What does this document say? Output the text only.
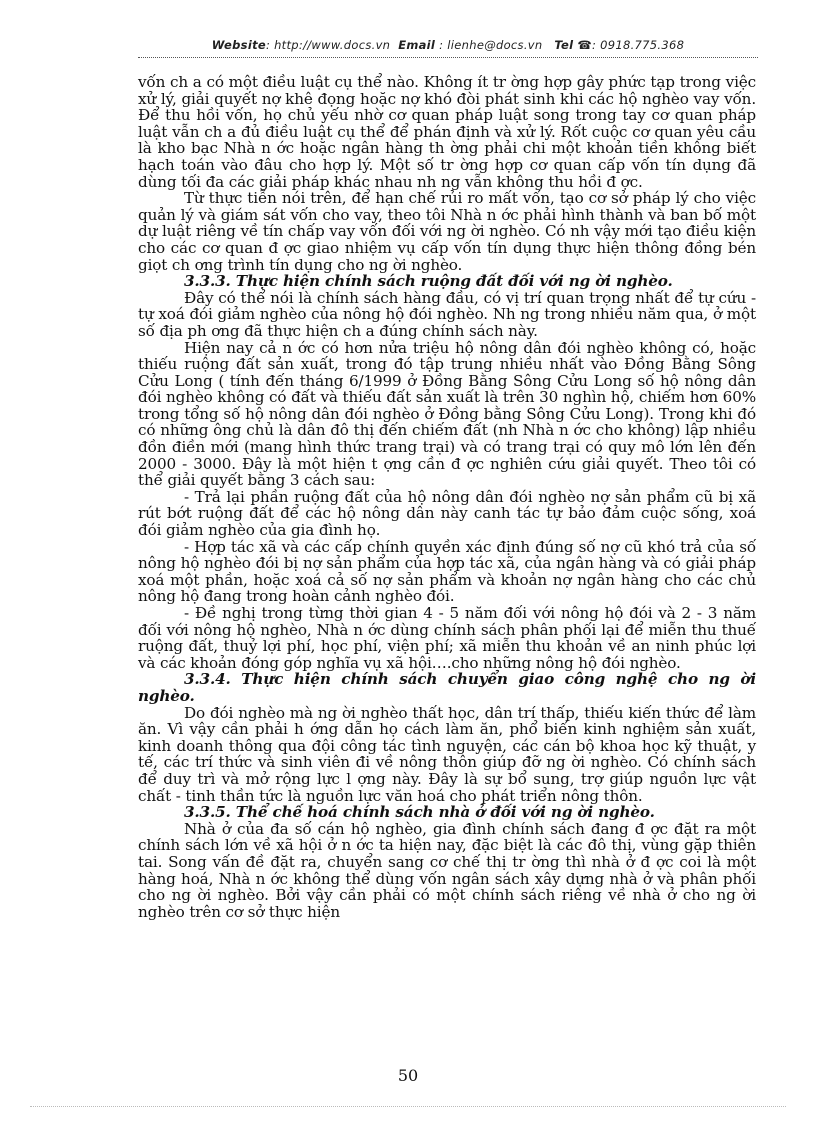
Website: http://www.docs.vn Email : lienhe@docs.vn Tel ☎: 0918.775.368

vốn ch a có một điều luật cụ thể nào. Không ít tr ờng hợp gây phức tạp trong việc xử lý, giải quyết nợ khê đọng hoặc nợ khó đòi phát sinh khi các hộ nghèo vay vốn. Để thu hồi vốn, họ chủ yếu nhờ cơ quan pháp luật song trong tay cơ quan pháp luật vẫn ch a đủ điều luật cụ thể để phán định và xử lý. Rốt cuộc cơ quan yêu cầu là kho bạc Nhà n ớc hoặc ngân hàng th ờng phải chi một khoản tiền không biết hạch toán vào đâu cho hợp lý. Một số tr ờng hợp cơ quan cấp vốn tín dụng đã dùng tối đa các giải pháp khác nhau nh ng vẫn không thu hồi đ ợc.

Từ thực tiễn nói trên, để hạn chế rủi ro mất vốn, tạo cơ sở pháp lý cho việc quản lý và giám sát vốn cho vay, theo tôi Nhà n ớc phải hình thành và ban bố một dự luật riêng về tín chấp vay vốn đối với ng ời nghèo. Có nh vậy mới tạo điều kiện cho các cơ quan đ ợc giao nhiệm vụ cấp vốn tín dụng thực hiện thông đồng bén giọt ch ơng trình tín dụng cho ng ời nghèo.

3.3.3. Thực hiện chính sách ruộng đất đối với ng ời nghèo.

Đây có thể nói là chính sách hàng đầu, có vị trí quan trọng nhất để tự cứu - tự xoá đói giảm nghèo của nông hộ đói nghèo. Nh ng trong nhiều năm qua, ở một số địa ph ơng đã thực hiện ch a đúng chính sách này.

Hiện nay cả n ớc có hơn nửa triệu hộ nông dân đói nghèo không có, hoặc thiếu ruộng đất sản xuất, trong đó tập trung nhiều nhất vào Đồng Bằng Sông Cửu Long ( tính đến tháng 6/1999 ở Đồng Bằng Sông Cửu Long số hộ nông dân đói nghèo không có đất và thiếu đất sản xuất là trên 30 nghìn hộ, chiếm hơn 60% trong tổng số hộ nông dân đói nghèo ở Đồng bằng Sông Cửu Long). Trong khi đó có những ông chủ là dân đô thị đến chiếm đất (nh Nhà n ớc cho không) lập nhiều đồn điền mới (mang hình thức trang trại) và có trang trại có quy mô lớn lên đến 2000 - 3000. Đây là một hiện t ợng cần đ ợc nghiên cứu giải quyết. Theo tôi có thể giải quyết bằng 3 cách sau:

- Trả lại phần ruộng đất của hộ nông dân đói nghèo nợ sản phẩm cũ bị xã rút bớt ruộng đất để các hộ nông dân này canh tác tự bảo đảm cuộc sống, xoá đói giảm nghèo của gia đình họ.

- Hợp tác xã và các cấp chính quyền xác định đúng số nợ cũ khó trả của số nông hộ nghèo đói bị nợ sản phẩm của hợp tác xã, của ngân hàng và có giải pháp xoá một phần, hoặc xoá cả số nợ sản phẩm và khoản nợ ngân hàng cho các chủ nông hộ đang trong hoàn cảnh nghèo đói.

- Đề nghị trong từng thời gian 4 - 5 năm đối với nông hộ đói và 2 - 3 năm đối với nông hộ nghèo, Nhà n ớc dùng chính sách phân phối lại để miễn thu thuế ruộng đất, thuỷ lợi phí, học phí, viện phí; xã miễn thu khoản về an ninh phúc lợi và các khoản đóng góp nghĩa vụ xã hội….cho những nông hộ đói nghèo.

3.3.4. Thực hiện chính sách chuyển giao công nghệ cho ng ời nghèo.

Do đói nghèo mà ng ời nghèo thất học, dân trí thấp, thiếu kiến thức để làm ăn. Vì vậy cần phải h ớng dẫn họ cách làm ăn, phổ biến kinh nghiệm sản xuất, kinh doanh thông qua đội công tác tình nguyện, các cán bộ khoa học kỹ thuật, y tế, các trí thức và sinh viên đi về nông thôn giúp đỡ ng ời nghèo. Có chính sách để duy trì và mở rộng lực l ợng này. Đây là sự bổ sung, trợ giúp nguồn lực vật chất - tinh thần tức là nguồn lực văn hoá cho phát triển nông thôn.

3.3.5. Thể chế hoá chính sách nhà ở đối với ng ời nghèo.

Nhà ở của đa số cán hộ nghèo, gia đình chính sách đang đ ợc đặt ra một chính sách lớn về xã hội ở n ớc ta hiện nay, đặc biệt là các đô thị, vùng gặp thiên tai. Song vấn đề đặt ra, chuyển sang cơ chế thị tr ờng thì nhà ở đ ợc coi là một hàng hoá, Nhà n ớc không thể dùng vốn ngân sách xây dựng nhà ở và phân phối cho ng ời nghèo. Bởi vậy cần phải có một chính sách riêng về nhà ở cho ng ời nghèo trên cơ sở thực hiện

50
